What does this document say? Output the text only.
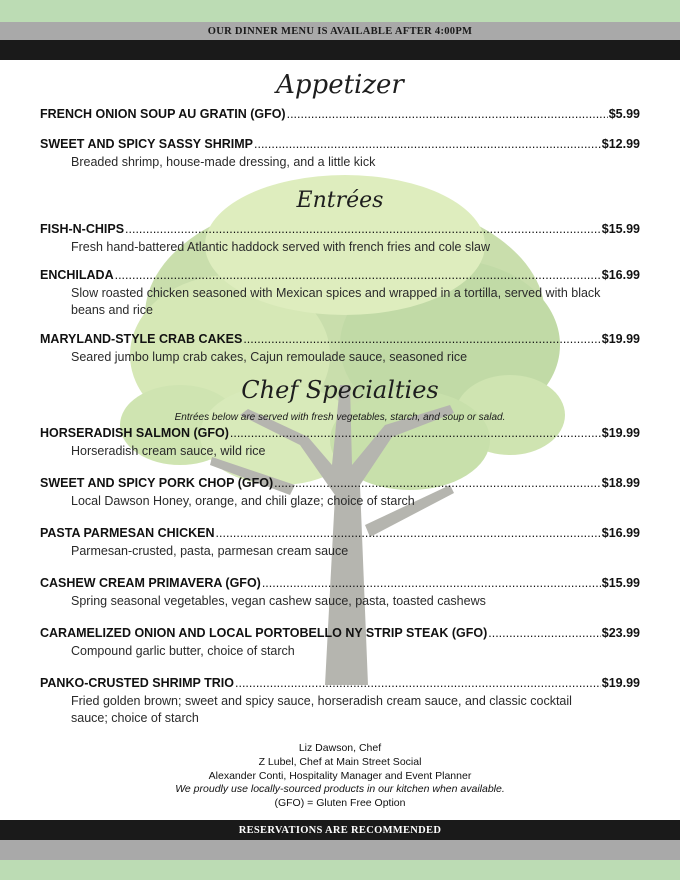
OUR DINNER MENU IS AVAILABLE AFTER 4:00PM
Appetizer
FRENCH ONION SOUP AU GRATIN (GFO) .....	$5.99
SWEET AND SPICY SASSY SHRIMP .....	$12.99
Breaded shrimp, house-made dressing, and a little kick
Entrées
FISH-N-CHIPS .....	$15.99
Fresh hand-battered Atlantic haddock served with french fries and cole slaw
ENCHILADA .....	$16.99
Slow roasted chicken seasoned with Mexican spices and wrapped in a tortilla, served with black beans and rice
MARYLAND-STYLE CRAB CAKES .....	$19.99
Seared jumbo lump crab cakes, Cajun remoulade sauce, seasoned rice
Chef Specialties
Entrées below are served with fresh vegetables, starch, and soup or salad.
HORSERADISH SALMON (GFO) .....	$19.99
Horseradish cream sauce, wild rice
SWEET AND SPICY PORK CHOP (GFO) .....	$18.99
Local Dawson Honey, orange, and chili glaze; choice of starch
PASTA PARMESAN CHICKEN .....	$16.99
Parmesan-crusted, pasta, parmesan cream sauce
CASHEW CREAM PRIMAVERA (GFO) .....	$15.99
Spring seasonal vegetables, vegan cashew sauce, pasta, toasted cashews
CARAMELIZED ONION AND LOCAL PORTOBELLO NY STRIP STEAK (GFO) .....	$23.99
Compound garlic butter, choice of starch
PANKO-CRUSTED SHRIMP TRIO .....	$19.99
Fried golden brown; sweet and spicy sauce, horseradish cream sauce, and classic cocktail sauce; choice of starch
Liz Dawson, Chef
Z Lubel, Chef at Main Street Social
Alexander Conti, Hospitality Manager and Event Planner
We proudly use locally-sourced products in our kitchen when available.
(GFO) = Gluten Free Option
RESERVATIONS ARE RECOMMENDED
